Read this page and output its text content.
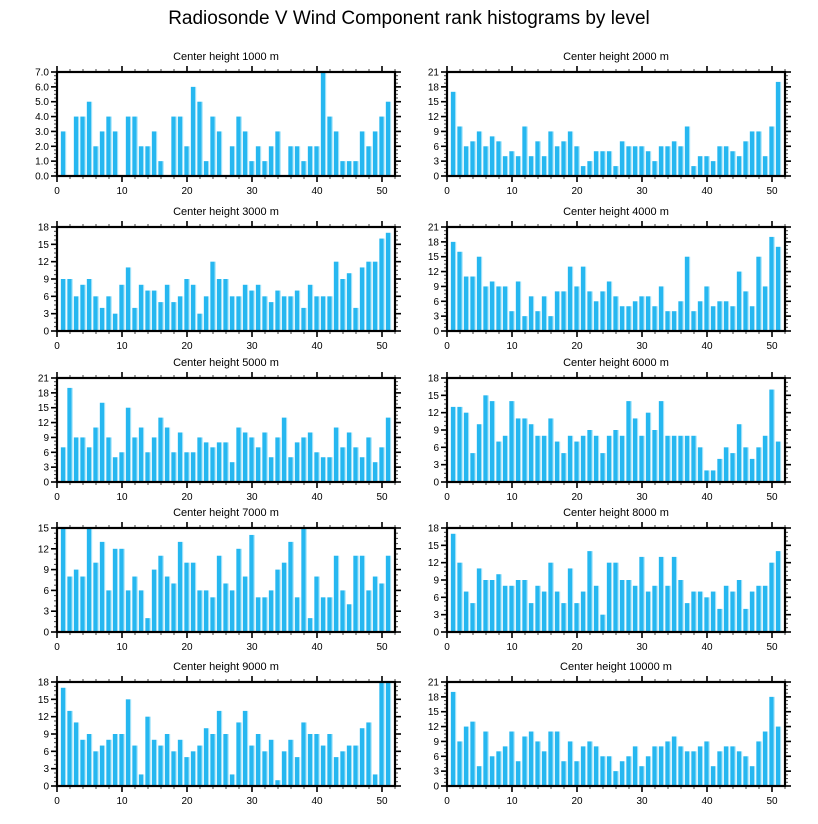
Radiosonde V Wind Component rank histograms by level
Center height 1000 m
0.0
1.0
2.0
3.0
4.0
5.0
6.0
7.0
0	10	20	30	40	50
Center height 2000 m
0
3
6
9
12
15
18
21
0	10	20	30	40	50
Center height 3000 m
0
3
6
9
12
15
18
0	10	20	30	40	50
Center height 4000 m
0
3
6
9
12
15
18
21
0	10	20	30	40	50
Center height 5000 m
0
3
6
9
12
15
18
21
0	10	20	30	40	50
Center height 6000 m
0
3
6
9
12
15
18
0	10	20	30	40	50
Center height 7000 m
0
3
6
9
12
15
0	10	20	30	40	50
Center height 8000 m
0
3
6
9
12
15
18
0	10	20	30	40	50
Center height 9000 m
0
3
6
9
12
15
18
0	10	20	30	40	50
Center height 10000 m
0
3
6
9
12
15
18
21
0	10	20	30	40	50
